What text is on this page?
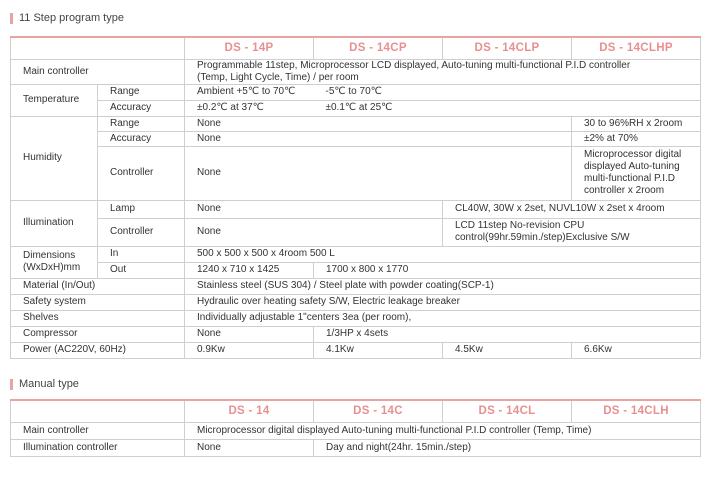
11 Step program type
		DS - 14P	DS - 14CP	DS - 14CLP	DS - 14CLHP
Main controller		Programmable 11step, Microprocessor LCD displayed, Auto-tuning multi-functional P.I.D controller
(Temp, Light Cycle, Time) / per room			
Temperature	Range	Ambient +5℃ to 70℃	-5℃ to 70℃		
	Accuracy	±0.2℃ at 37℃	±0.1℃ at 25℃		
Humidity	Range	None			30 to 96%RH x 2room
	Accuracy	None			±2% at 70%
	Controller	None			Microprocessor digital
displayed Auto-tuning
multi-functional P.I.D
controller x 2room
Illumination	Lamp	None		CL40W, 30W x 2set, NUVL10W x 2set x 4room	
	Controller	None		LCD 11step No-revision CPU
control(99hr.59min./step)Exclusive S/W	
Dimensions
(WxDxH)mm	In	500 x 500 x 500 x 4room 500 L			
	Out	1240 x 710 x 1425	1700 x 800 x 1770		
Material (In/Out)		Stainless steel (SUS 304) / Steel plate with powder coating(SCP-1)			
Safety system		Hydraulic over heating safety S/W, Electric leakage breaker			
Shelves		Individually adjustable 1ʺcenters 3ea (per room),			
Compressor		None	1/3HP x 4sets		
Power (AC220V, 60Hz)		0.9Kw	4.1Kw	4.5Kw	6.6Kw
Manual type
	DS - 14	DS - 14C	DS - 14CL	DS - 14CLH
Main controller	Microprocessor digital displayed Auto-tuning multi-functional P.I.D controller (Temp, Time)			
Illumination controller	None	Day and night(24hr. 15min./step)		
